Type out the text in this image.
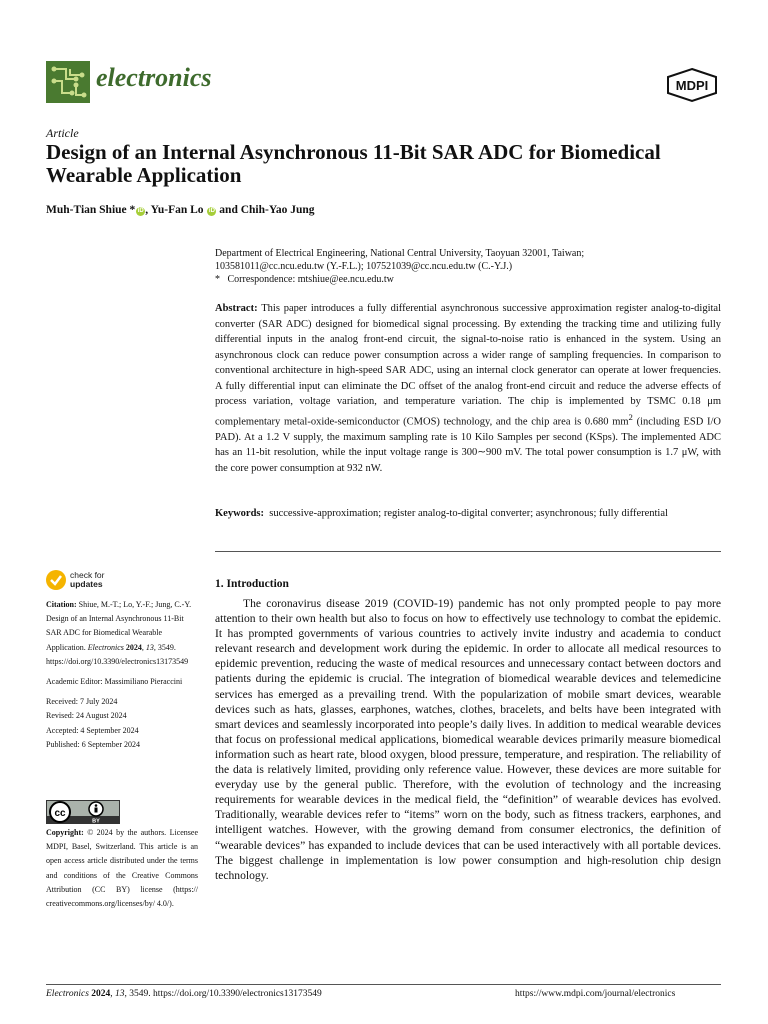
electronics	MDPI
Article
Design of an Internal Asynchronous 11-Bit SAR ADC for Biomedical Wearable Application
Muh-Tian Shiue * iD , Yu-Fan Lo iD and Chih-Yao Jung
Department of Electrical Engineering, National Central University, Taoyuan 32001, Taiwan;
103581011@cc.ncu.edu.tw (Y.-F.L.); 107521039@cc.ncu.edu.tw (C.-Y.J.)
* Correspondence: mtshiue@ee.ncu.edu.tw
Abstract: This paper introduces a fully differential asynchronous successive approximation register analog-to-digital converter (SAR ADC) designed for biomedical signal processing. By extending the tracking time and utilizing fully differential inputs in the analog front-end circuit, the signal-to-noise ratio is enhanced in the system. Using an asynchronous clock can reduce power consumption across a wider range of sampling frequencies. In comparison to conventional architecture in high-speed SAR ADC, using an internal clock generator can operate at lower frequencies. A fully differential input can eliminate the DC offset of the analog front-end circuit and reduce the adverse effects of process variation, voltage variation, and temperature variation. The chip is implemented by TSMC 0.18 μm complementary metal-oxide-semiconductor (CMOS) technology, and the chip area is 0.680 $mm^2$ (including ESD I/O PAD). At a 1.2 V supply, the maximum sampling rate is 10 Kilo Samples per second (KSps). The implemented ADC has an 11-bit resolution, while the input voltage range is 300∼900 mV. The total power consumption is 1.7 μW, with the core power consumption at 932 nW.
Keywords: successive-approximation; register analog-to-digital converter; asynchronous; fully differential
check for
updates

Citation: Shiue, M.-T.; Lo, Y.-F.; Jung, C.-Y. Design of an Internal Asynchronous 11-Bit SAR ADC for Biomedical Wearable Application. Electronics 2024, 13, 3549. https://doi.org/10.3390/electronics13173549

Academic Editor: Massimiliano Pieraccini

Received: 7 July 2024
Revised: 24 August 2024
Accepted: 4 September 2024
Published: 6 September 2024
cc
BY
Copyright: © 2024 by the authors. Licensee MDPI, Basel, Switzerland. This article is an open access article distributed under the terms and conditions of the Creative Commons Attribution (CC BY) license (https:// creativecommons.org/licenses/by/ 4.0/).
1. Introduction
The coronavirus disease 2019 (COVID-19) pandemic has not only prompted people to pay more attention to their own health but also to focus on how to effectively use technology to combat the epidemic. It has prompted governments of various countries to actively invite industry and academia to conduct relevant research and development work during the epidemic. In order to allocate all medical resources to epidemic prevention, reducing the waste of medical resources and unnecessary contact between doctors and patients during the epidemic is crucial. The integration of biomedical wearable devices and telemedicine services has emerged as a prevailing trend. With the popularization of mobile smart devices, wearable devices such as hats, glasses, earphones, watches, clothes, bracelets, and belts have been integrated with smart devices and seamlessly incorporated into people’s daily lives. In addition to medical wearable devices that focus on professional medical applications, biomedical wearable devices primarily measure biomedical information such as heart rate, blood oxygen, blood pressure, temperature, and respiration. The reliability of the data is relatively limited, providing only reference value. However, these devices are more suitable for everyday use by the general public. Therefore, with the evolution of technology and the increasing requirements for wearable devices in the medical field, the “definition” of wearable devices has evolved. Traditionally, wearable devices refer to “items” worn on the body, such as fitness trackers, earphones, and intelligent watches. However, with the growing demand from consumer electronics, the definition of “wearable devices” has expanded to include devices that can be used interactively with all portable devices. The biggest challenge in implementation is low power consumption and high-resolution chip design technology.
Electronics 2024, 13, 3549. https://doi.org/10.3390/electronics13173549	https://www.mdpi.com/journal/electronics
